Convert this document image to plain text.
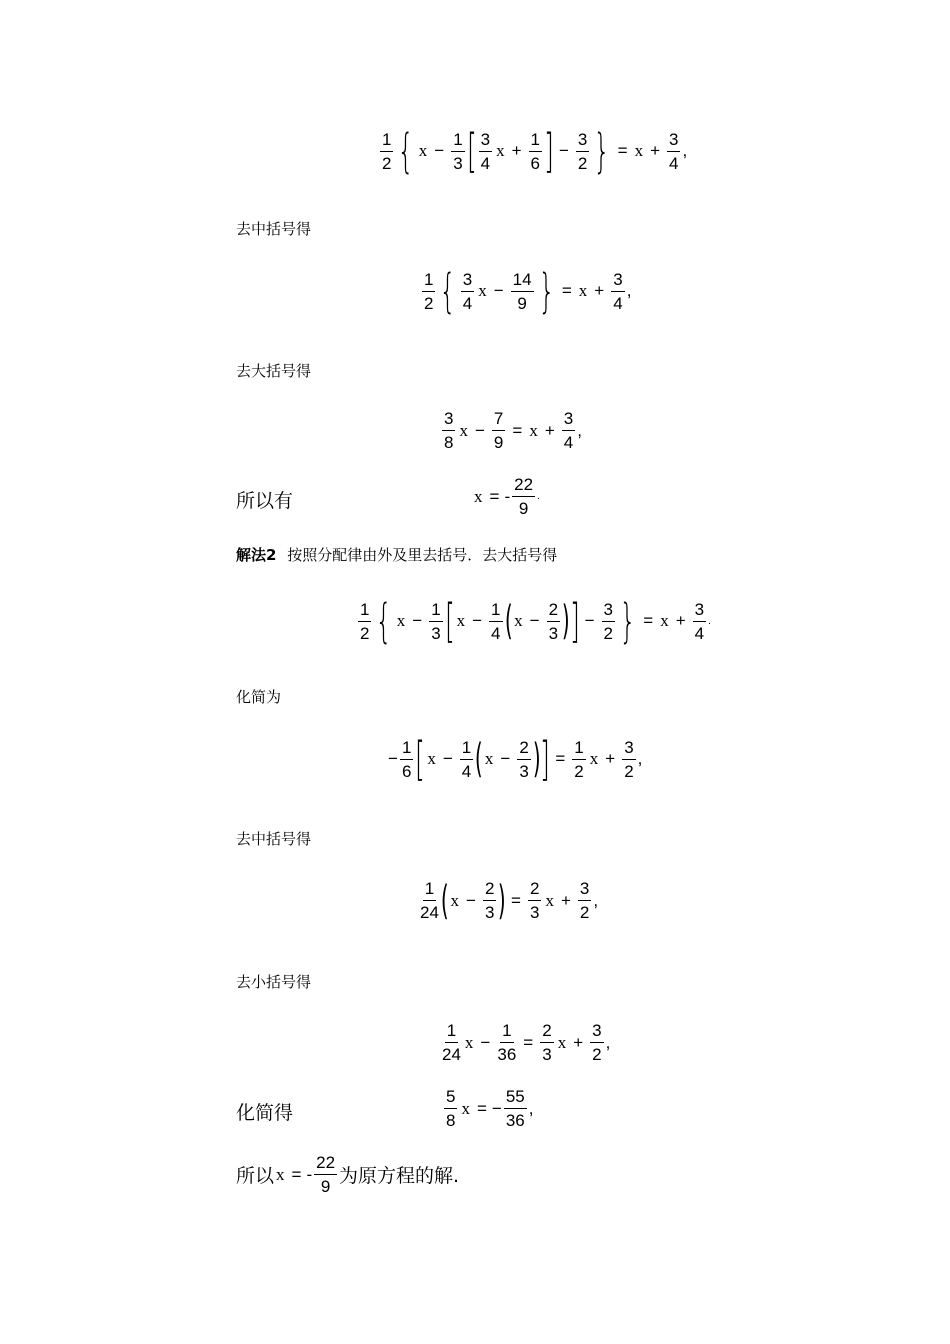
$\frac{1}{2}$ { $x - \frac{1}{3}$ [ $\frac{3}{4}$ $x + \frac{1}{6}$ ] − $\frac{3}{2}$ } = $x + \frac{3}{4}$ ,
去中括号得
$\frac{1}{2}$ { $\frac{3}{4}$ $x - \frac{14}{9}$ } = $x + \frac{3}{4}$ ,
去大括号得
$\frac{3}{8}$ $x - \frac{7}{9} = x + \frac{3}{4}$ ,
所以有	x = - $\frac{22}{9}$ .
解法2 按照分配律由外及里去括号．去大括号得
$\frac{1}{2}$ { $x - \frac{1}{3}$ [ $x - \frac{1}{4}$ ( $x - \frac{2}{3}$ ) ] − $\frac{3}{2}$ } = $x + \frac{3}{4}$ .
化简为
− $\frac{1}{6}$ [ $x - \frac{1}{4}$ ( $x - \frac{2}{3}$ ) ] = $\frac{1}{2}$ $x + \frac{3}{2}$ ,
去中括号得
$\frac{1}{24}$ ( $x - \frac{2}{3}$ ) = $\frac{2}{3}$ $x + \frac{3}{2}$ ,
去小括号得
$\frac{1}{24}$ $x - \frac{1}{36} = \frac{2}{3}$ $x + \frac{3}{2}$ ,
化简得	$\frac{5}{8}$ x = − $\frac{55}{36}$ ,
所以 x = - $\frac{22}{9}$ 为原方程的解.
